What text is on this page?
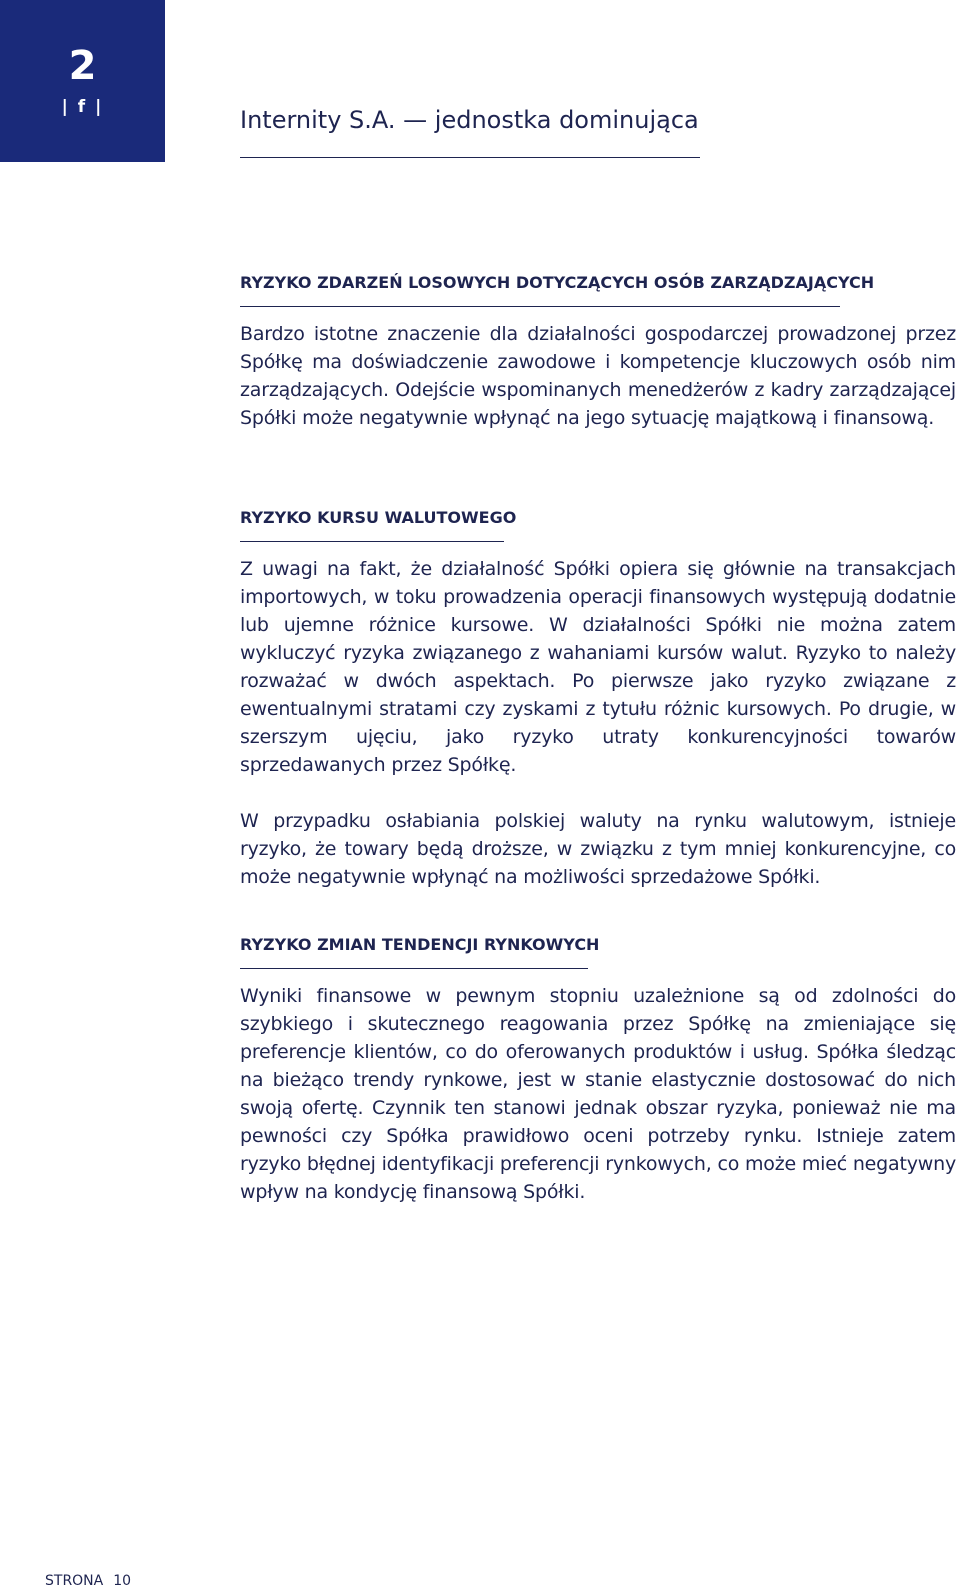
2
| f |	Internity S.A. — jednostka dominująca
RYZYKO ZDARZEŃ LOSOWYCH DOTYCZĄCYCH OSÓB ZARZĄDZAJĄCYCH

Bardzo istotne znaczenie dla działalności gospodarczej prowadzonej przez Spółkę ma doświadczenie zawodowe i kompetencje kluczowych osób nim zarządzających. Odejście wspominanych menedżerów z kadry zarządzającej Spółki może negatywnie wpłynąć na jego sytuację majątkową i finansową.

RYZYKO KURSU WALUTOWEGO

Z uwagi na fakt, że działalność Spółki opiera się głównie na transakcjach importowych, w toku prowadzenia operacji finansowych występują dodatnie lub ujemne różnice kursowe. W działalności Spółki nie można zatem wykluczyć ryzyka związanego z wahaniami kursów walut. Ryzyko to należy rozważać w dwóch aspektach. Po pierwsze jako ryzyko związane z ewentualnymi stratami czy zyskami z tytułu różnic kursowych. Po drugie, w szerszym ujęciu, jako ryzyko utraty konkurencyjności towarów sprzedawanych przez Spółkę.

W przypadku osłabiania polskiej waluty na rynku walutowym, istnieje ryzyko, że towary będą droższe, w związku z tym mniej konkurencyjne, co może negatywnie wpłynąć na możliwości sprzedażowe Spółki.

RYZYKO ZMIAN TENDENCJI RYNKOWYCH

Wyniki finansowe w pewnym stopniu uzależnione są od zdolności do szybkiego i skutecznego reagowania przez Spółkę na zmieniające się preferencje klientów, co do oferowanych produktów i usług. Spółka śledząc na bieżąco trendy rynkowe, jest w stanie elastycznie dostosować do nich swoją ofertę. Czynnik ten stanowi jednak obszar ryzyka, ponieważ nie ma pewności czy Spółka prawidłowo oceni potrzeby rynku. Istnieje zatem ryzyko błędnej identyfikacji preferencji rynkowych, co może mieć negatywny wpływ na kondycję finansową Spółki.

STRONA 10
